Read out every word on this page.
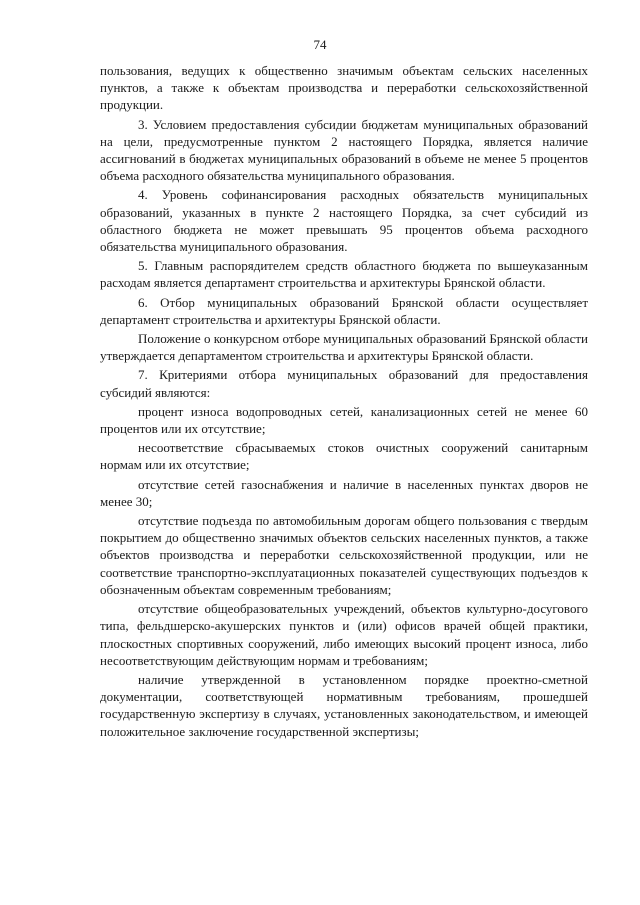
74

пользования, ведущих к общественно значимым объектам сельских населенных пунктов, а также к объектам производства и переработки сельскохозяйственной продукции.

3. Условием предоставления субсидии бюджетам муниципальных образований на цели, предусмотренные пунктом 2 настоящего Порядка, является наличие ассигнований в бюджетах муниципальных образований в объеме не менее 5 процентов объема расходного обязательства муниципального образования.

4. Уровень софинансирования расходных обязательств муниципальных образований, указанных в пункте 2 настоящего Порядка, за счет субсидий из областного бюджета не может превышать 95 процентов объема расходного обязательства муниципального образования.

5. Главным распорядителем средств областного бюджета по вышеуказанным расходам является департамент строительства и архитектуры Брянской области.

6. Отбор муниципальных образований Брянской области осуществляет департамент строительства и архитектуры Брянской области.

Положение о конкурсном отборе муниципальных образований Брянской области утверждается департаментом строительства и архитектуры Брянской области.

7. Критериями отбора муниципальных образований для предоставления субсидий являются:

процент износа водопроводных сетей, канализационных сетей не менее 60 процентов или их отсутствие;

несоответствие сбрасываемых стоков очистных сооружений санитарным нормам или их отсутствие;

отсутствие сетей газоснабжения и наличие в населенных пунктах дворов не менее 30;

отсутствие подъезда по автомобильным дорогам общего пользования с твердым покрытием до общественно значимых объектов сельских населенных пунктов, а также объектов производства и переработки сельскохозяйственной продукции, или не соответствие транспортно-эксплуатационных показателей существующих подъездов к обозначенным объектам современным требованиям;

отсутствие общеобразовательных учреждений, объектов культурно-досугового типа, фельдшерско-акушерских пунктов и (или) офисов врачей общей практики, плоскостных спортивных сооружений, либо имеющих высокий процент износа, либо несоответствующим действующим нормам и требованиям;

наличие утвержденной в установленном порядке проектно-сметной документации, соответствующей нормативным требованиям, прошедшей государственную экспертизу в случаях, установленных законодательством, и имеющей положительное заключение государственной экспертизы;
